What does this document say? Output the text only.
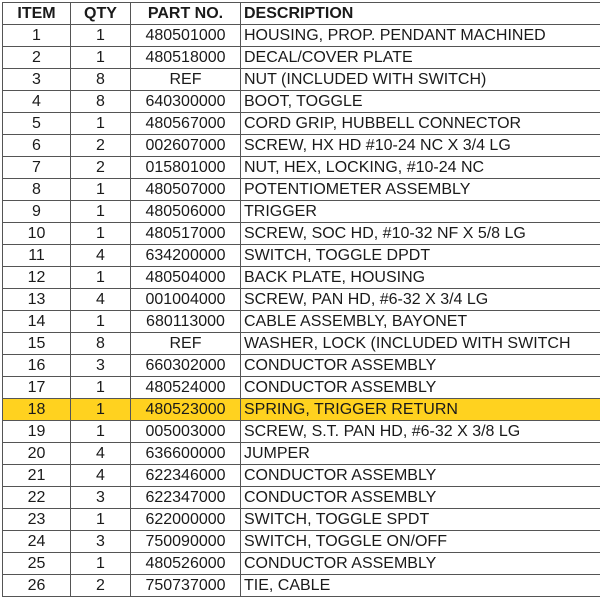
ITEM	QTY	PART NO.	DESCRIPTION
1	1	480501000	HOUSING, PROP. PENDANT MACHINED
2	1	480518000	DECAL/COVER PLATE
3	8	REF	NUT (INCLUDED WITH SWITCH)
4	8	640300000	BOOT, TOGGLE
5	1	480567000	CORD GRIP, HUBBELL CONNECTOR
6	2	002607000	SCREW, HX HD #10-24 NC X 3/4 LG
7	2	015801000	NUT, HEX, LOCKING, #10-24 NC
8	1	480507000	POTENTIOMETER ASSEMBLY
9	1	480506000	TRIGGER
10	1	480517000	SCREW, SOC HD, #10-32 NF X 5/8 LG
11	4	634200000	SWITCH, TOGGLE DPDT
12	1	480504000	BACK PLATE, HOUSING
13	4	001004000	SCREW, PAN HD, #6-32 X 3/4 LG
14	1	680113000	CABLE ASSEMBLY, BAYONET
15	8	REF	WASHER, LOCK (INCLUDED WITH SWITCH
16	3	660302000	CONDUCTOR ASSEMBLY
17	1	480524000	CONDUCTOR ASSEMBLY
18	1	480523000	SPRING, TRIGGER RETURN
19	1	005003000	SCREW, S.T. PAN HD, #6-32 X 3/8 LG
20	4	636600000	JUMPER
21	4	622346000	CONDUCTOR ASSEMBLY
22	3	622347000	CONDUCTOR ASSEMBLY
23	1	622000000	SWITCH, TOGGLE SPDT
24	3	750090000	SWITCH, TOGGLE ON/OFF
25	1	480526000	CONDUCTOR ASSEMBLY
26	2	750737000	TIE, CABLE
